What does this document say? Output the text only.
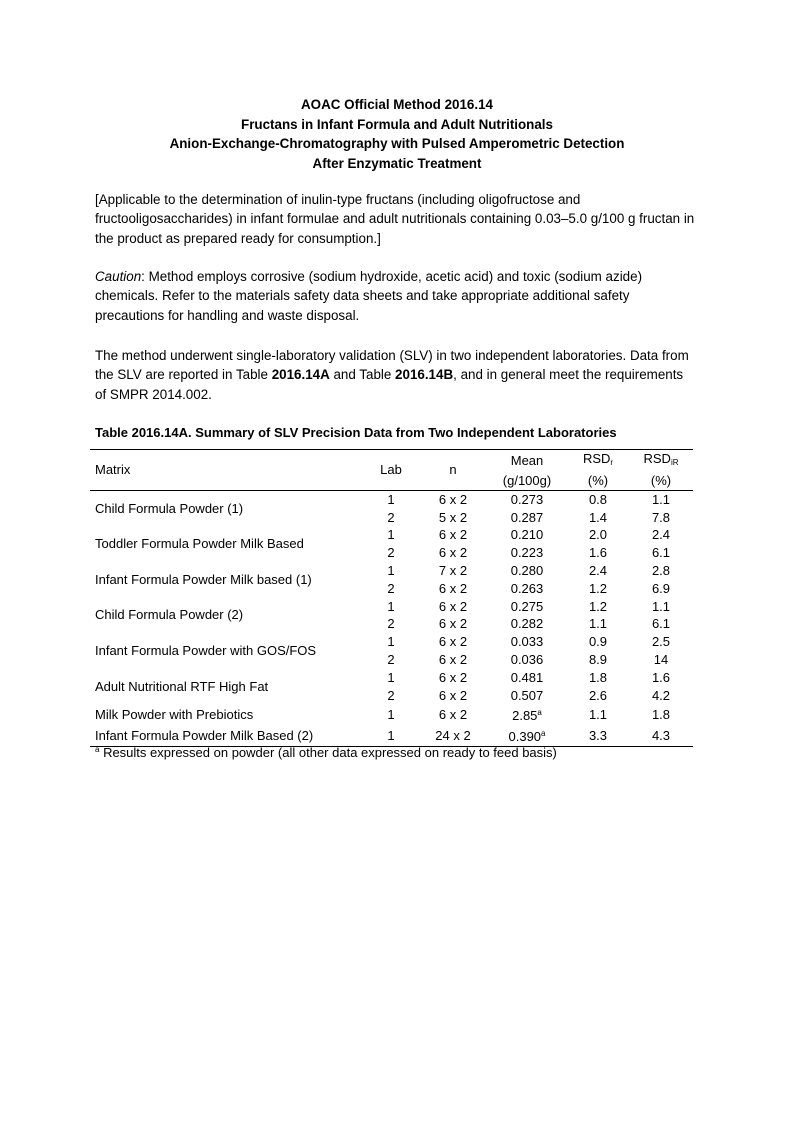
AOAC Official Method 2016.14
Fructans in Infant Formula and Adult Nutritionals
Anion-Exchange-Chromatography with Pulsed Amperometric Detection
After Enzymatic Treatment
[Applicable to the determination of inulin-type fructans (including oligofructose and fructooligosaccharides) in infant formulae and adult nutritionals containing 0.03–5.0 g/100 g fructan in the product as prepared ready for consumption.]
Caution: Method employs corrosive (sodium hydroxide, acetic acid) and toxic (sodium azide) chemicals. Refer to the materials safety data sheets and take appropriate additional safety precautions for handling and waste disposal.
The method underwent single-laboratory validation (SLV) in two independent laboratories. Data from the SLV are reported in Table 2016.14A and Table 2016.14B, and in general meet the requirements of SMPR 2014.002.
Table 2016.14A. Summary of SLV Precision Data from Two Independent Laboratories
Matrix	Lab	n	Mean	$RSD_r$	$RSD_{iR}$
			(g/100g)	(%)	(%)
Child Formula Powder (1)	1	6 x 2	0.273	0.8	1.1
	2	5 x 2	0.287	1.4	7.8
Toddler Formula Powder Milk Based	1	6 x 2	0.210	2.0	2.4
	2	6 x 2	0.223	1.6	6.1
Infant Formula Powder Milk based (1)	1	7 x 2	0.280	2.4	2.8
	2	6 x 2	0.263	1.2	6.9
Child Formula Powder (2)	1	6 x 2	0.275	1.2	1.1
	2	6 x 2	0.282	1.1	6.1
Infant Formula Powder with GOS/FOS	1	6 x 2	0.033	0.9	2.5
	2	6 x 2	0.036	8.9	14
Adult Nutritional RTF High Fat	1	6 x 2	0.481	1.8	1.6
	2	6 x 2	0.507	2.6	4.2
Milk Powder with Prebiotics	1	6 x 2	2.85$^a$	1.1	1.8
Infant Formula Powder Milk Based (2)	1	24 x 2	0.390$^a$	3.3	4.3
$^a$ Results expressed on powder (all other data expressed on ready to feed basis)
